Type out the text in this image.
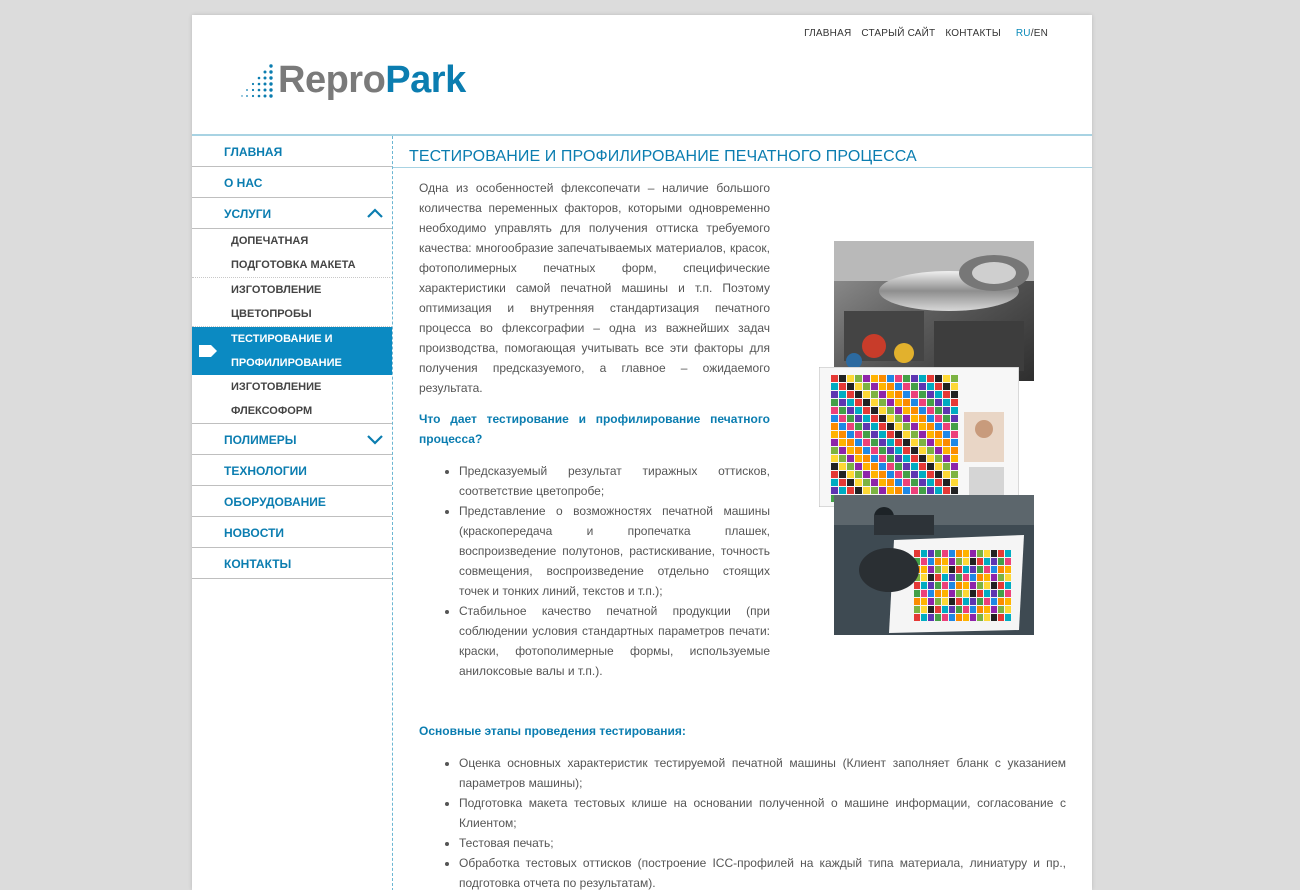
ГЛАВНАЯ СТАРЫЙ САЙТ КОНТАКТЫ RU/EN
ReproPark
ГЛАВНАЯ
О НАС
УСЛУГИ
ДОПЕЧАТНАЯ
ПОДГОТОВКА МАКЕТА
ИЗГОТОВЛЕНИЕ
ЦВЕТОПРОБЫ
ТЕСТИРОВАНИЕ И
ПРОФИЛИРОВАНИЕ
ИЗГОТОВЛЕНИЕ
ФЛЕКСОФОРМ
ПОЛИМЕРЫ
ТЕХНОЛОГИИ
ОБОРУДОВАНИЕ
НОВОСТИ
КОНТАКТЫ
ТЕСТИРОВАНИЕ И ПРОФИЛИРОВАНИЕ ПЕЧАТНОГО ПРОЦЕССА

Одна из особенностей флексопечати – наличие большого количества переменных факторов, которыми одновременно необходимо управлять для получения оттиска требуемого качества: многообразие запечатываемых материалов, красок, фотополимерных печатных форм, специфические характеристики самой печатной машины и т.п. Поэтому оптимизация и внутренняя стандартизация печатного процесса во флексографии – одна из важнейших задач производства, помогающая учитывать все эти факторы для получения предсказуемого, а главное – ожидаемого результата.

Что дает тестирование и профилирование печатного процесса?
• Предсказуемый результат тиражных оттисков, соответствие цветопробе;
• Представление о возможностях печатной машины (краскопередача и пропечатка плашек, воспроизведение полутонов, растискивание, точность совмещения, воспроизведение отдельно стоящих точек и тонких линий, текстов и т.п.);
• Стабильное качество печатной продукции (при соблюдении условия стандартных параметров печати: краски, фотополимерные формы, используемые анилоксовые валы и т.п.).
Основные этапы проведения тестирования:
• Оценка основных характеристик тестируемой печатной машины (Клиент заполняет бланк с указанием параметров машины);
• Подготовка макета тестовых клише на основании полученной о машине информации, согласование с Клиентом;
• Тестовая печать;
• Обработка тестовых оттисков (построение ICC-профилей на каждый типа материала, линиатуру и пр., подготовка отчета по результатам).
